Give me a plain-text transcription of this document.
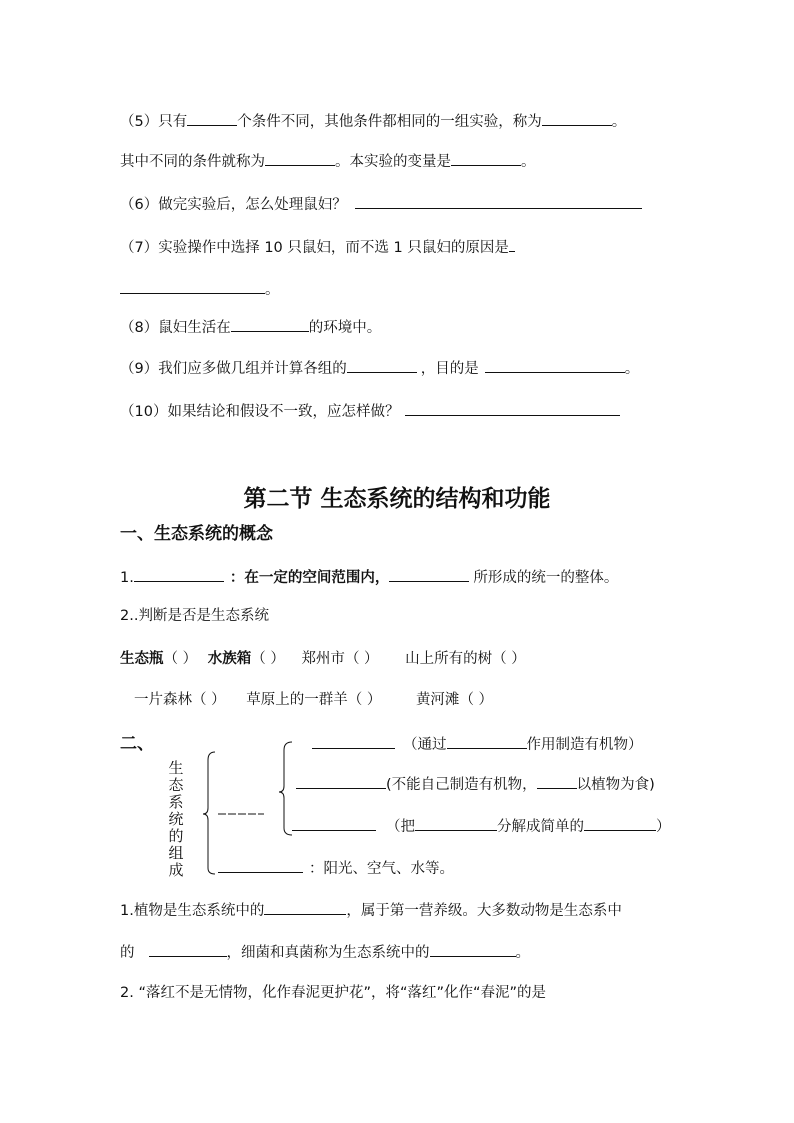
（5）只有	个条件不同，其他条件都相同的一组实验，称为	。
其中不同的条件就称为	。本实验的变量是	。
（6）做完实验后，怎么处理鼠妇？
（7）实验操作中选择 10 只鼠妇，而不选 1 只鼠妇的原因是
。
（8）鼠妇生活在	的环境中。
（9）我们应多做几组并计算各组的	，目的是	。
（10）如果结论和假设不一致，应怎样做？
第二节 生态系统的结构和功能
一、生态系统的概念
1.	：在一定的空间范围内，	所形成的统一的整体。
2..判断是否是生态系统
生态瓶（ ） 水族箱（ ） 郑州市（ ） 山上所有的树（ ）
一片森林（ ） 草原上的一群羊（ ） 黄河滩（ ）
二、
生
态
系
统
的
组
成
（通过	作用制造有机物）
(不能自己制造有机物，	以植物为食)
（把	分解成简单的	）
：阳光、空气、水等。
1.植物是生态系统中的	，属于第一营养级。大多数动物是生态系中
的	，细菌和真菌称为生态系统中的	。
2. “落红不是无情物，化作春泥更护花”，将“落红”化作“春泥”的是
